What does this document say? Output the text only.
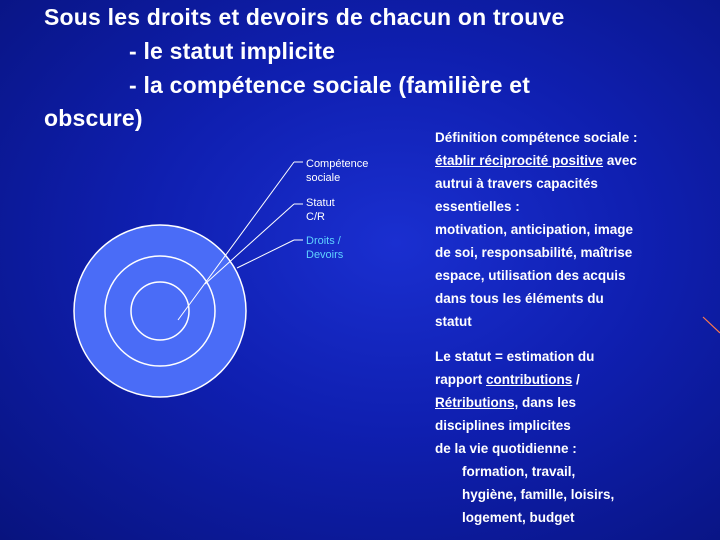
Sous les droits et devoirs de chacun on trouve

- le statut implicite

- la compétence sociale (familière et

obscure)

Compétence
sociale
Statut
C/R
Droits /
Devoirs
Définition compétence sociale :
établir réciprocité positive avec
autrui à travers capacités
essentielles :
motivation, anticipation, image
de soi, responsabilité, maîtrise
espace, utilisation des acquis
dans tous les éléments du
statut
Le statut = estimation du
rapport contributions /
Rétributions, dans les
disciplines implicites
de la vie quotidienne :
formation, travail,
hygiène, famille, loisirs,
logement, budget
